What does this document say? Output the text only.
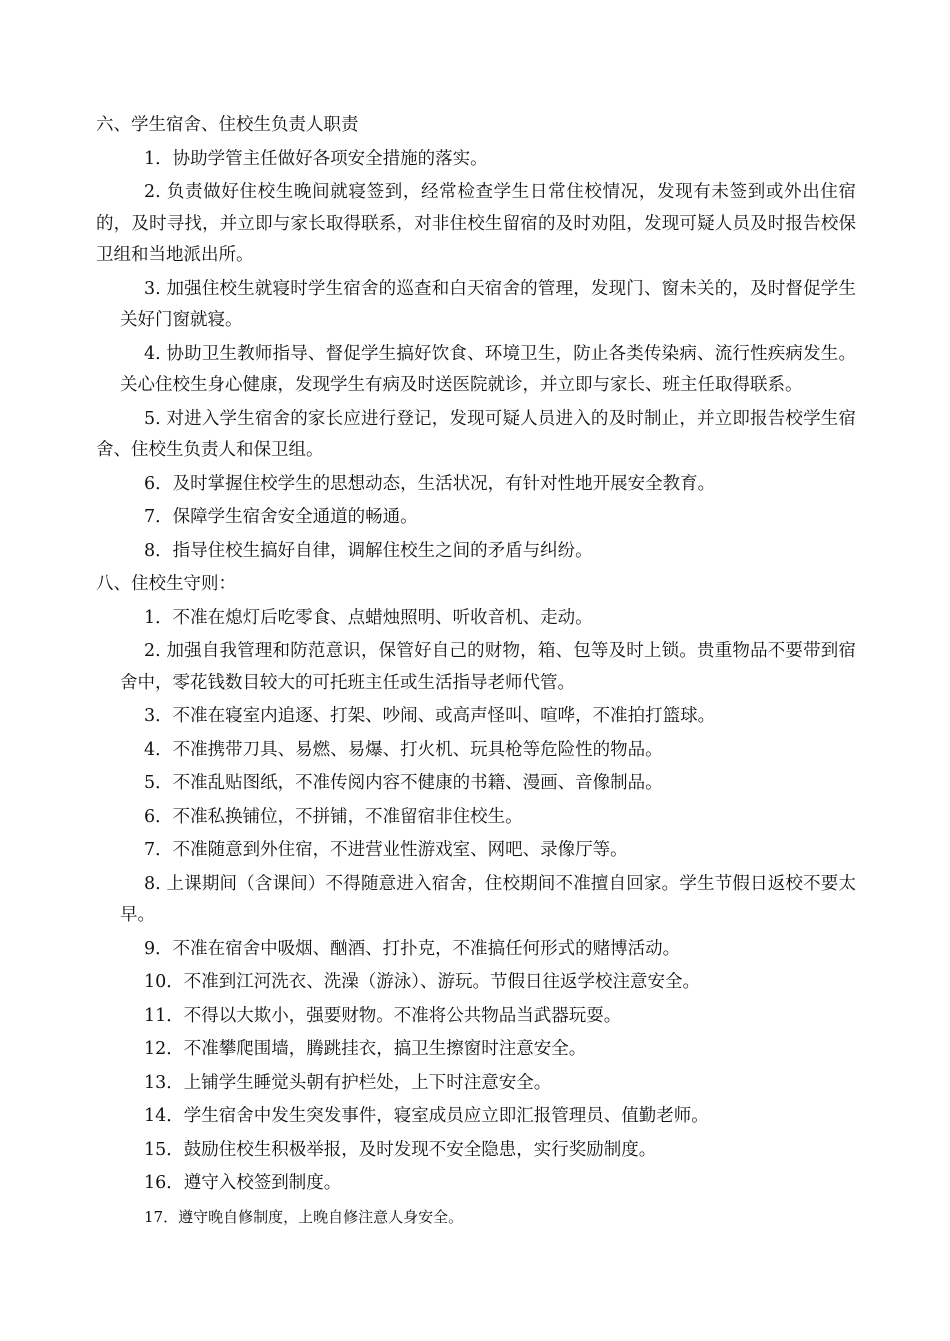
六、学生宿舍、住校生负责人职责

1．协助学管主任做好各项安全措施的落实。

2. 负责做好住校生晚间就寝签到，经常检查学生日常住校情况，发现有未签到或外出住宿的，及时寻找，并立即与家长取得联系，对非住校生留宿的及时劝阻，发现可疑人员及时报告校保卫组和当地派出所。

3. 加强住校生就寝时学生宿舍的巡查和白天宿舍的管理，发现门、窗未关的，及时督促学生关好门窗就寝。

4. 协助卫生教师指导、督促学生搞好饮食、环境卫生，防止各类传染病、流行性疾病发生。关心住校生身心健康，发现学生有病及时送医院就诊，并立即与家长、班主任取得联系。

5. 对进入学生宿舍的家长应进行登记，发现可疑人员进入的及时制止，并立即报告校学生宿舍、住校生负责人和保卫组。

6．及时掌握住校学生的思想动态，生活状况，有针对性地开展安全教育。

7．保障学生宿舍安全通道的畅通。

8．指导住校生搞好自律，调解住校生之间的矛盾与纠纷。

八、住校生守则：

1．不准在熄灯后吃零食、点蜡烛照明、听收音机、走动。

2. 加强自我管理和防范意识，保管好自己的财物，箱、包等及时上锁。贵重物品不要带到宿舍中，零花钱数目较大的可托班主任或生活指导老师代管。

3．不准在寝室内追逐、打架、吵闹、或高声怪叫、喧哗，不准拍打篮球。

4．不准携带刀具、易燃、易爆、打火机、玩具枪等危险性的物品。

5．不准乱贴图纸，不准传阅内容不健康的书籍、漫画、音像制品。

6．不准私换铺位，不拼铺，不准留宿非住校生。

7．不准随意到外住宿，不进营业性游戏室、网吧、录像厅等。

8. 上课期间（含课间）不得随意进入宿舍，住校期间不准擅自回家。学生节假日返校不要太早。

9．不准在宿舍中吸烟、酗酒、打扑克，不准搞任何形式的赌博活动。

10．不准到江河洗衣、洗澡（游泳）、游玩。节假日往返学校注意安全。

11．不得以大欺小，强要财物。不准将公共物品当武器玩耍。

12．不准攀爬围墙，腾跳挂衣，搞卫生擦窗时注意安全。

13．上铺学生睡觉头朝有护栏处，上下时注意安全。

14．学生宿舍中发生突发事件，寝室成员应立即汇报管理员、值勤老师。

15．鼓励住校生积极举报，及时发现不安全隐患，实行奖励制度。

16．遵守入校签到制度。

17．遵守晚自修制度，上晚自修注意人身安全。
